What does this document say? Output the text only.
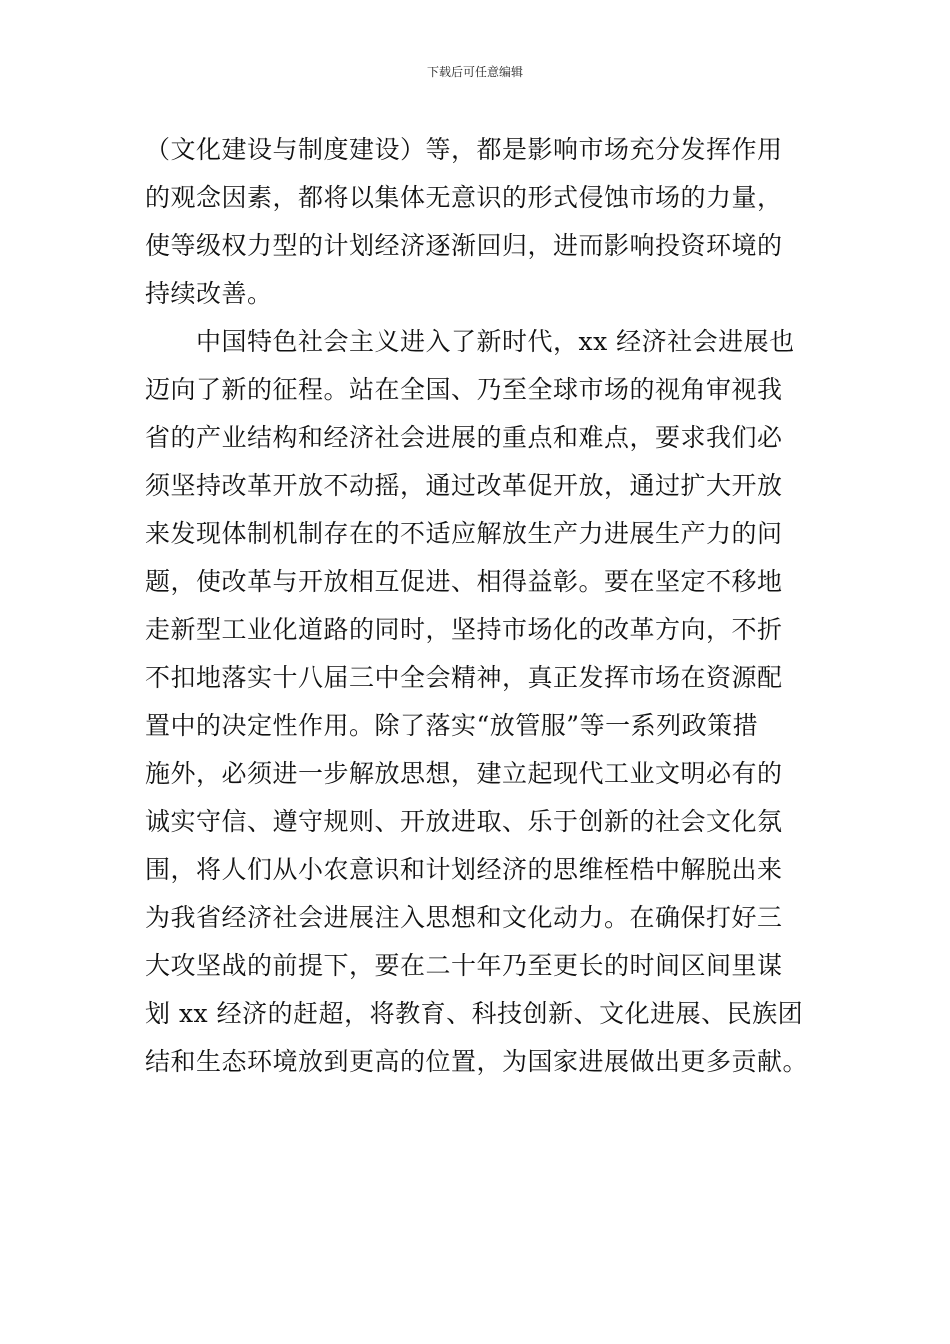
下载后可任意编辑
（文化建设与制度建设）等，都是影响市场充分发挥作用
的观念因素，都将以集体无意识的形式侵蚀市场的力量，
使等级权力型的计划经济逐渐回归，进而影响投资环境的
持续改善。
　　中国特色社会主义进入了新时代，xx 经济社会进展也
迈向了新的征程。站在全国、乃至全球市场的视角审视我
省的产业结构和经济社会进展的重点和难点，要求我们必
须坚持改革开放不动摇，通过改革促开放，通过扩大开放
来发现体制机制存在的不适应解放生产力进展生产力的问
题，使改革与开放相互促进、相得益彰。要在坚定不移地
走新型工业化道路的同时，坚持市场化的改革方向，不折
不扣地落实十八届三中全会精神，真正发挥市场在资源配
置中的决定性作用。除了落实“放管服”等一系列政策措
施外，必须进一步解放思想，建立起现代工业文明必有的
诚实守信、遵守规则、开放进取、乐于创新的社会文化氛
围，将人们从小农意识和计划经济的思维桎梏中解脱出来
为我省经济社会进展注入思想和文化动力。在确保打好三
大攻坚战的前提下，要在二十年乃至更长的时间区间里谋
划 xx 经济的赶超，将教育、科技创新、文化进展、民族团
结和生态环境放到更高的位置，为国家进展做出更多贡献。
